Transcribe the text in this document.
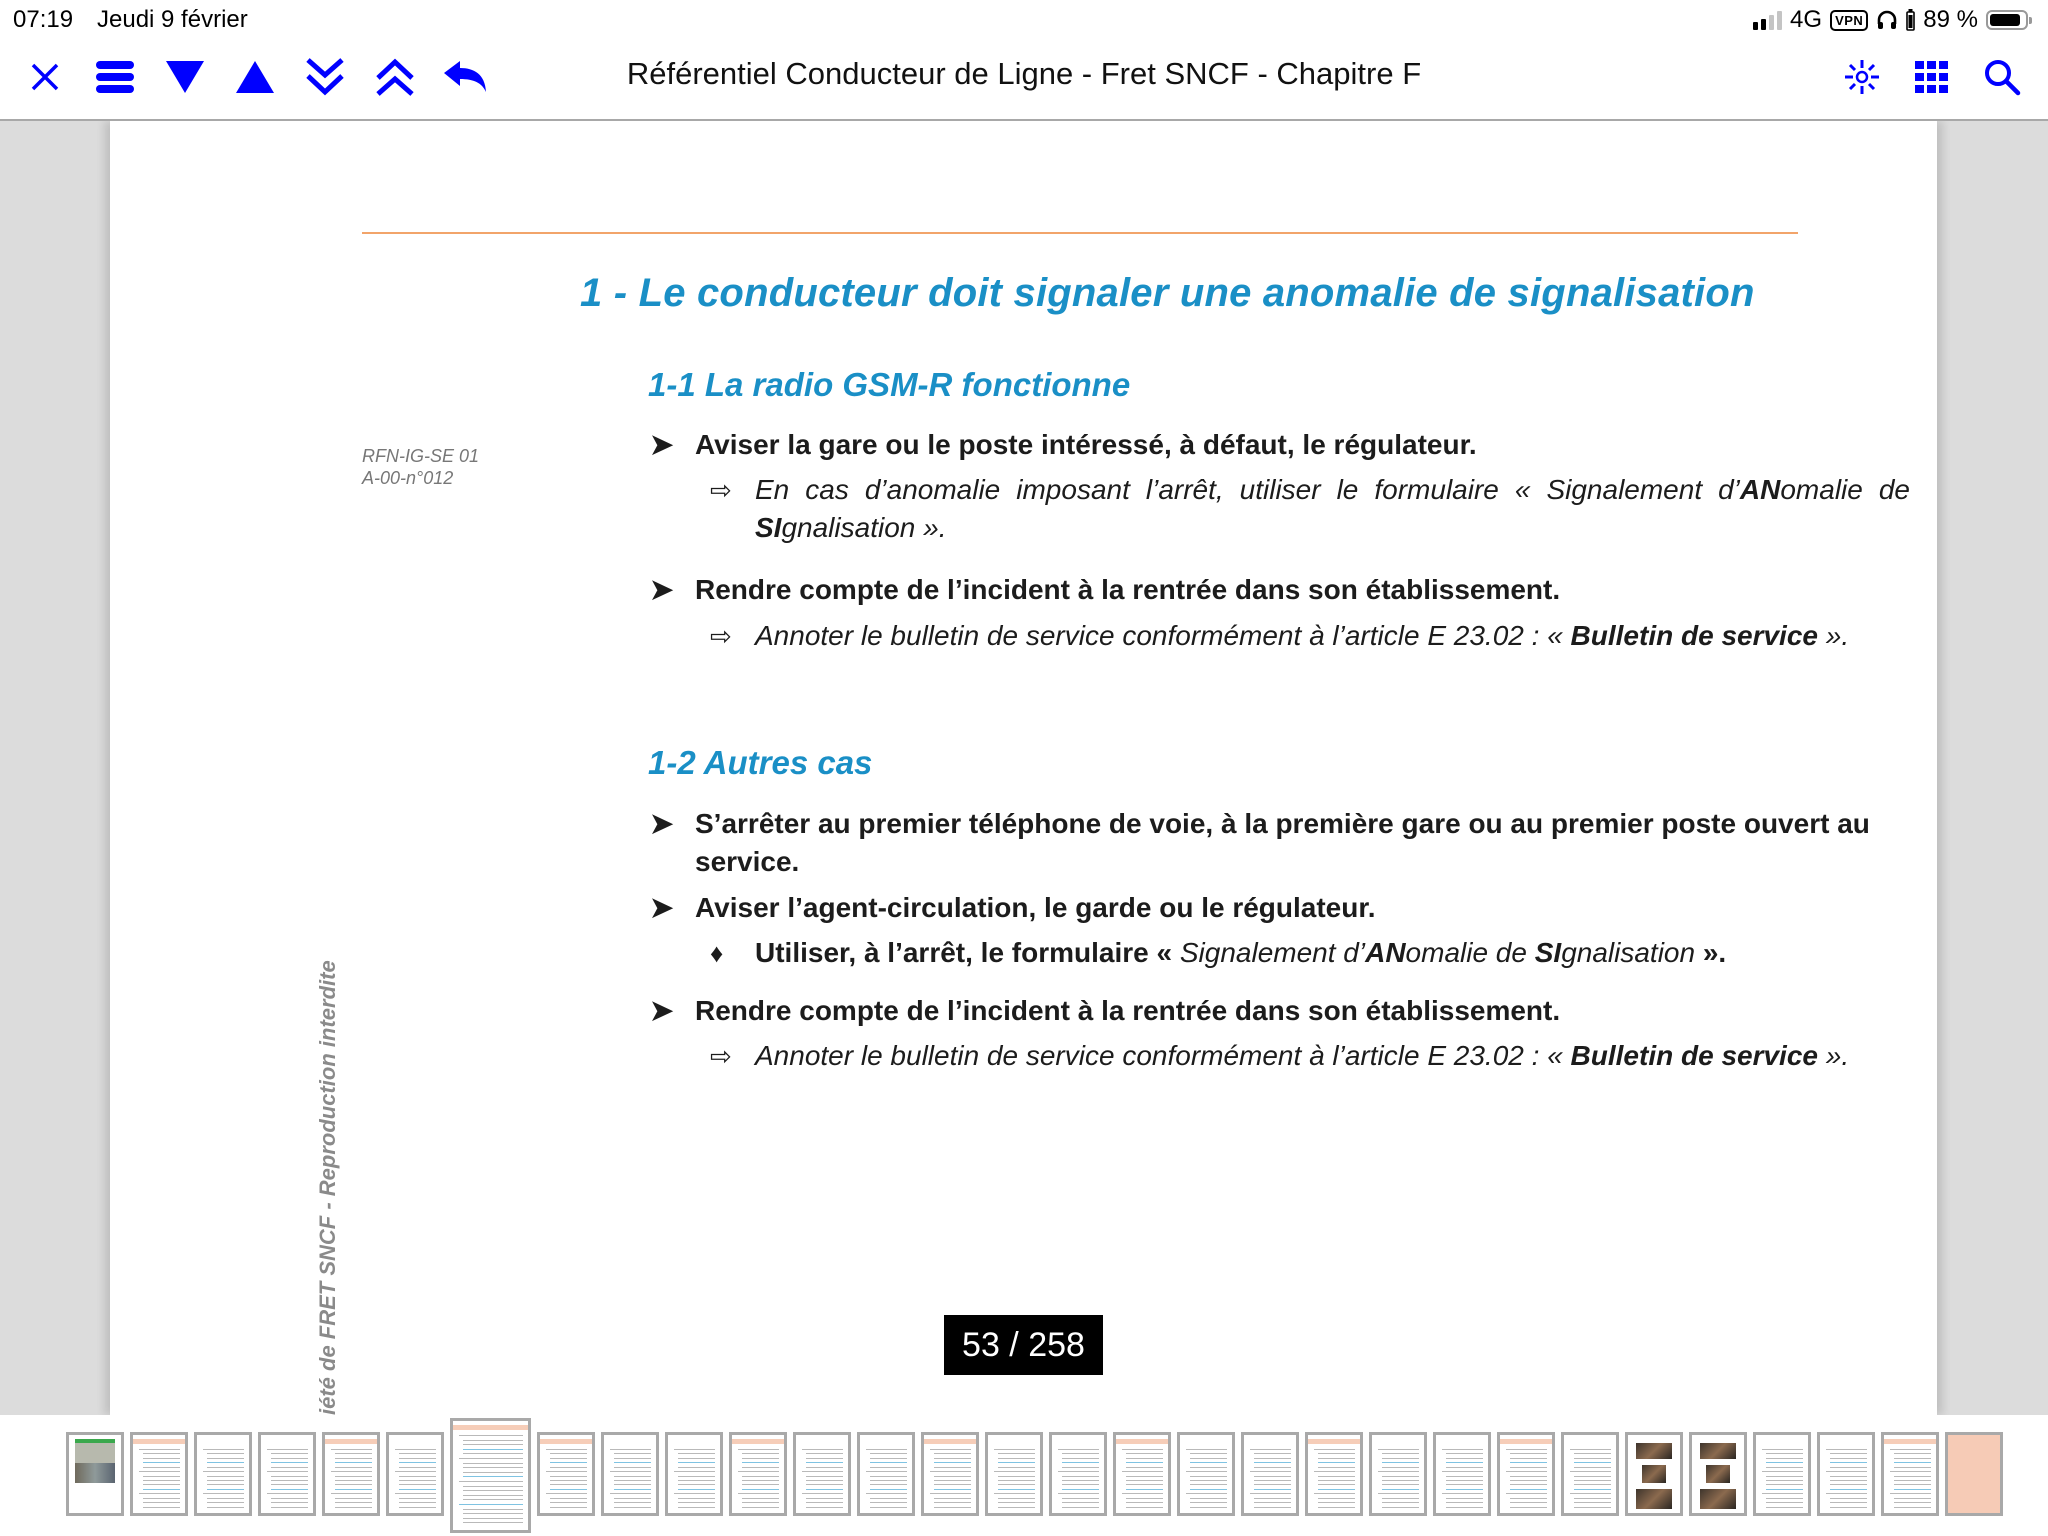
07:19 Jeudi 9 février	4G	VPN	89 %
Référentiel Conducteur de Ligne - Fret SNCF - Chapitre F
1 - Le conducteur doit signaler une anomalie de signalisation
RFN-IG-SE 01
A-00-n°012
1-1 La radio GSM-R fonctionne
➤ Aviser la gare ou le poste intéressé, à défaut, le régulateur.
⇨ En cas d’anomalie imposant l’arrêt, utiliser le formulaire « Signalement d’ANomalie de SIgnalisation ».
➤ Rendre compte de l’incident à la rentrée dans son établissement.
⇨ Annoter le bulletin de service conformément à l’article E 23.02 : « Bulletin de service ».
1-2 Autres cas
➤ S’arrêter au premier téléphone de voie, à la première gare ou au premier poste ouvert au service.
➤ Aviser l’agent-circulation, le garde ou le régulateur.
♦ Utiliser, à l’arrêt, le formulaire « Signalement d’ANomalie de SIgnalisation ».
➤ Rendre compte de l’incident à la rentrée dans son établissement.
⇨ Annoter le bulletin de service conformément à l’article E 23.02 : « Bulletin de service ».
iété de FRET SNCF - Reproduction interdite	53 / 258
